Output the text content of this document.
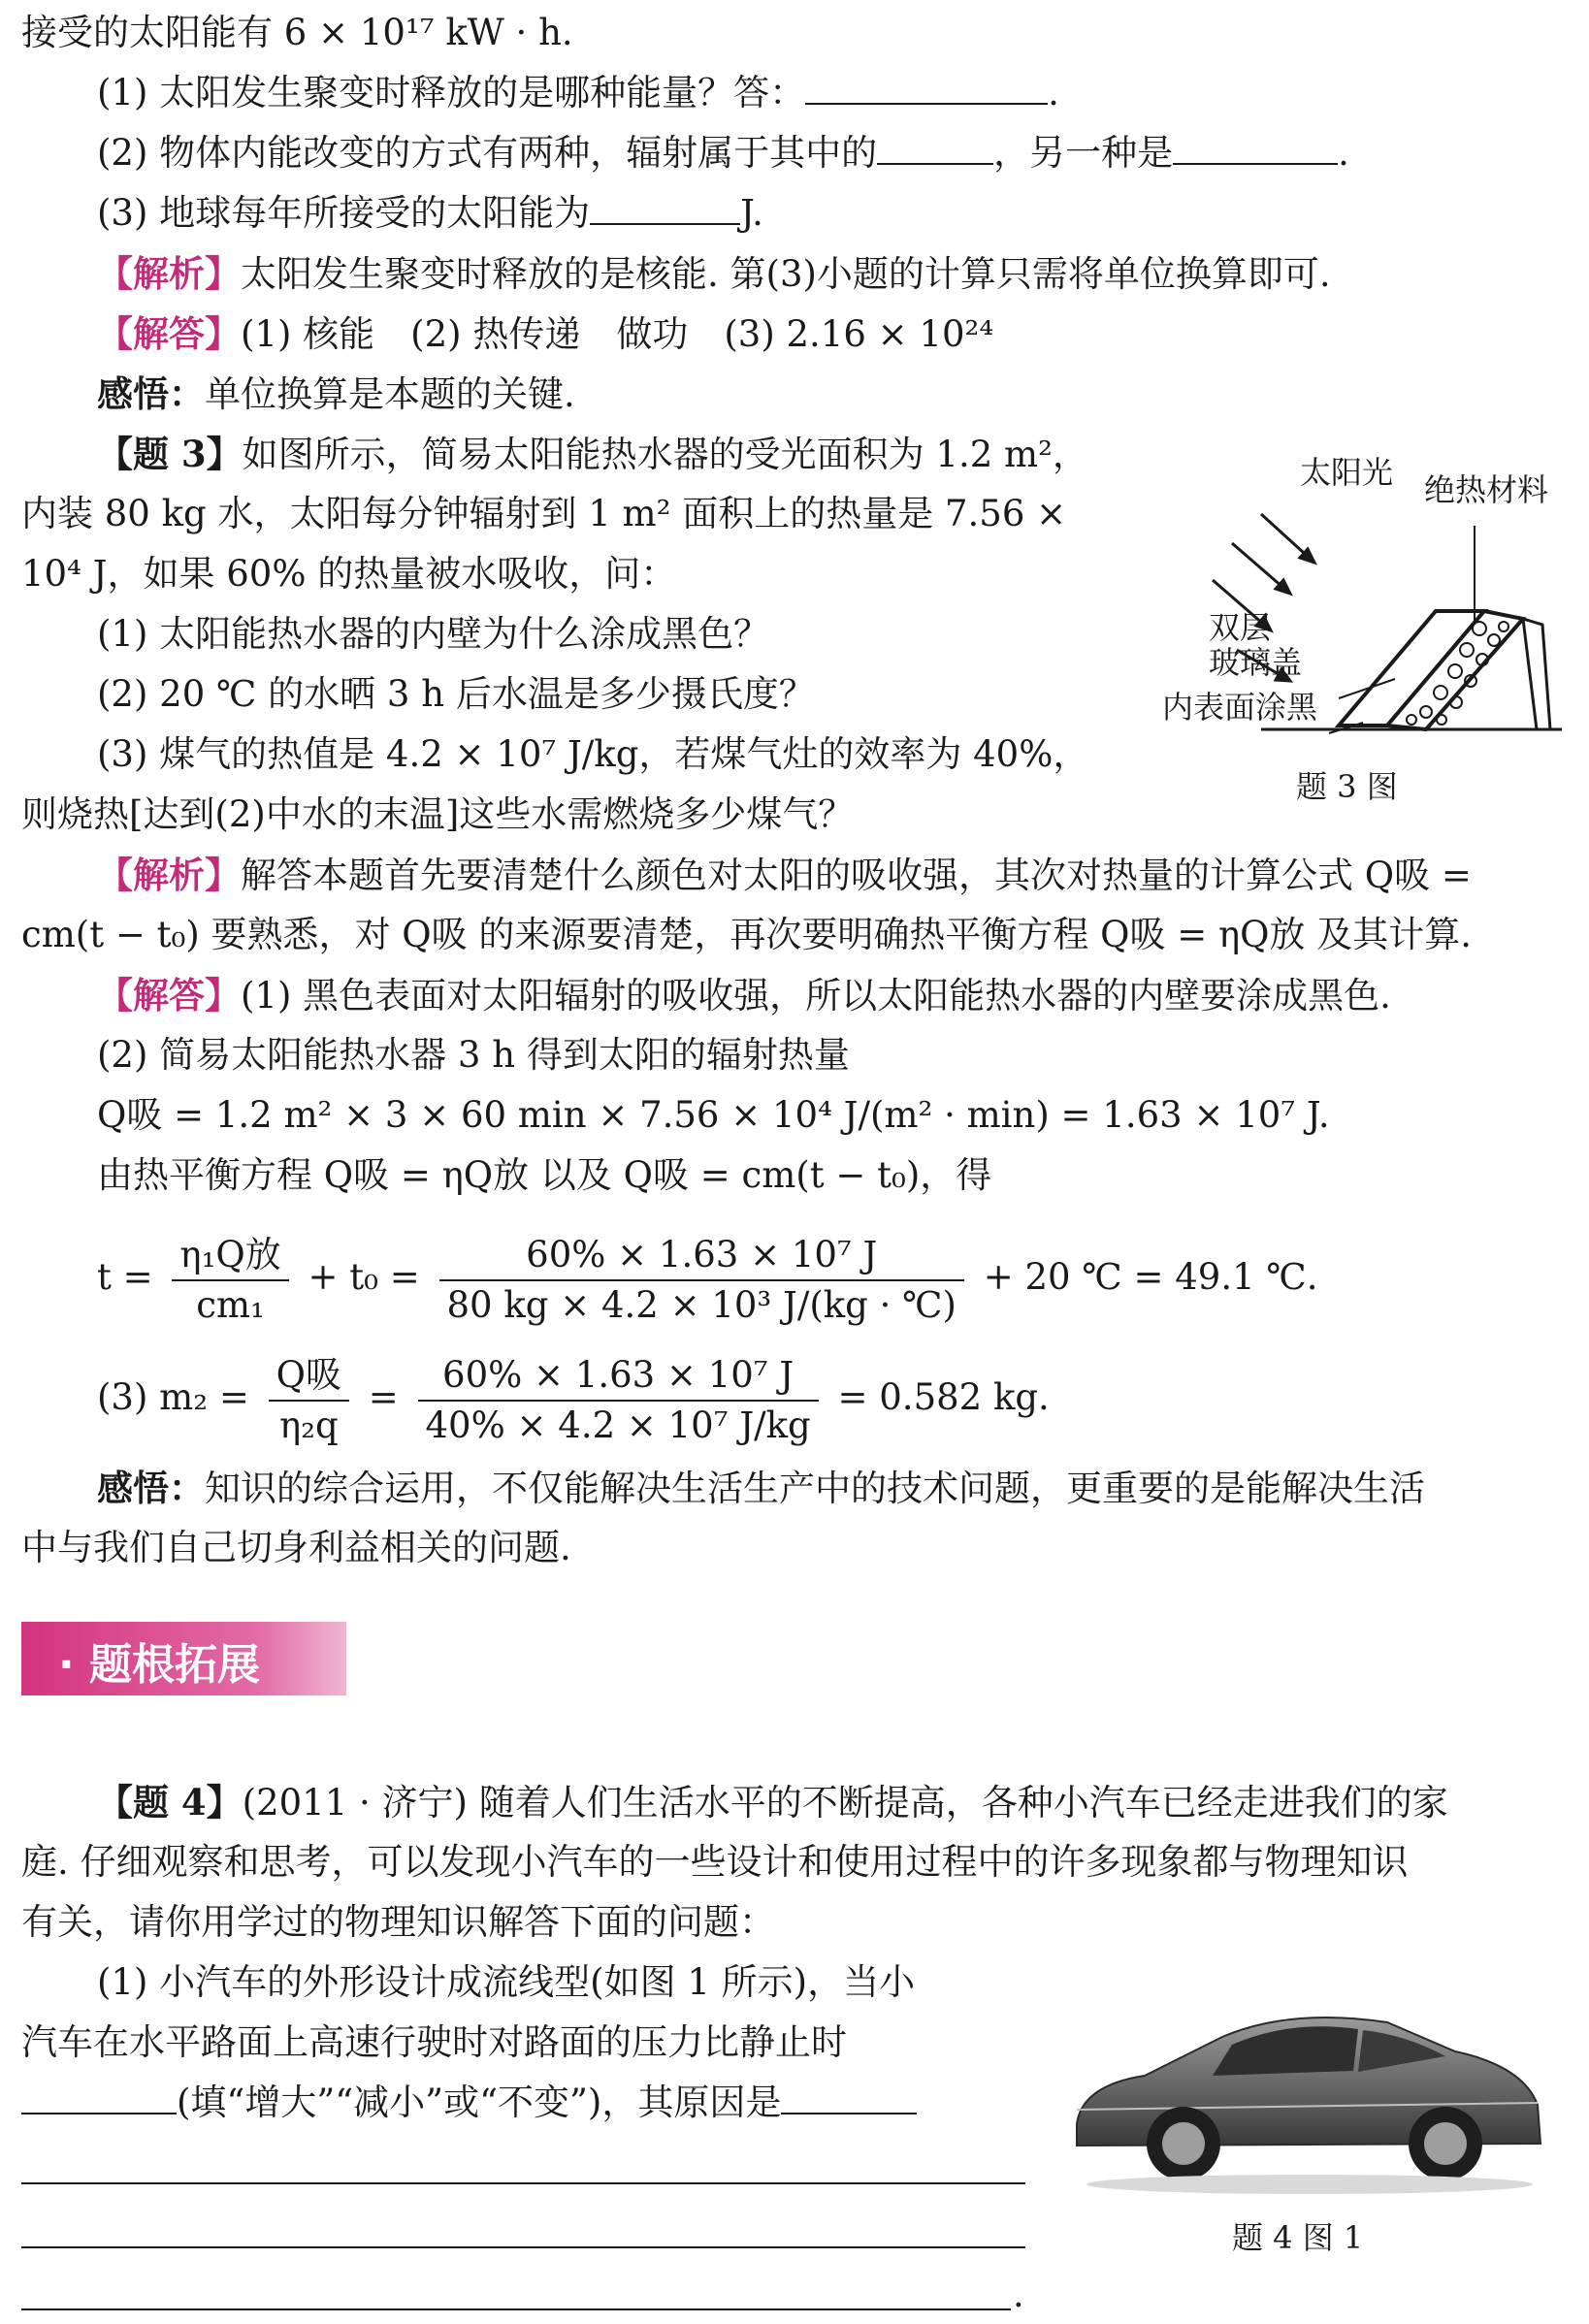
接受的太阳能有 6 × 10¹⁷ kW · h.
(1) 太阳发生聚变时释放的是哪种能量？答：	.
(2) 物体内能改变的方式有两种，辐射属于其中的	，另一种是	.
(3) 地球每年所接受的太阳能为	J.
【解析】太阳发生聚变时释放的是核能. 第(3)小题的计算只需将单位换算即可.
【解答】(1) 核能　(2) 热传递　做功　(3) 2.16 × 10²⁴
感悟：单位换算是本题的关键.
【题 3】如图所示，简易太阳能热水器的受光面积为 1.2 m²，
内装 80 kg 水，太阳每分钟辐射到 1 m² 面积上的热量是 7.56 ×
10⁴ J，如果 60% 的热量被水吸收，问：
(1) 太阳能热水器的内壁为什么涂成黑色？
(2) 20 ℃ 的水晒 3 h 后水温是多少摄氏度？
(3) 煤气的热值是 4.2 × 10⁷ J/kg，若煤气灶的效率为 40%，
则烧热[达到(2)中水的末温]这些水需燃烧多少煤气？
太阳光 绝热材料
双层
玻璃盖
内表面涂黑
题 3 图
【解析】解答本题首先要清楚什么颜色对太阳的吸收强，其次对热量的计算公式 Q吸 =
cm(t − t₀) 要熟悉，对 Q吸 的来源要清楚，再次要明确热平衡方程 Q吸 = ηQ放 及其计算.
【解答】(1) 黑色表面对太阳辐射的吸收强，所以太阳能热水器的内壁要涂成黑色.
(2) 简易太阳能热水器 3 h 得到太阳的辐射热量
Q吸 = 1.2 m² × 3 × 60 min × 7.56 × 10⁴ J/(m² · min) = 1.63 × 10⁷ J.
由热平衡方程 Q吸 = ηQ放 以及 Q吸 = cm(t − t₀)，得
t =
η₁Q放
cm₁
+ $t_0 = \frac{\text{60\% × 1.63 × 10⁷ J}}{\text{80 kg × 4.2 × 10³ J/(kg · ℃)}} + 20$ ℃ = 49.1 ℃.
(3) m₂ =
Q吸
η₂q
= $\frac{\text{60\% × 1.63 × 10⁷ J}}{\text{40\% × 4.2 × 10⁷ J/kg}} = 0.582$ kg.
感悟：知识的综合运用，不仅能解决生活生产中的技术问题，更重要的是能解决生活
中与我们自己切身利益相关的问题.
· 题根拓展
【题 4】(2011 · 济宁) 随着人们生活水平的不断提高，各种小汽车已经走进我们的家
庭. 仔细观察和思考，可以发现小汽车的一些设计和使用过程中的许多现象都与物理知识
有关，请你用学过的物理知识解答下面的问题：
(1) 小汽车的外形设计成流线型(如图 1 所示)，当小
汽车在水平路面上高速行驶时对路面的压力比静止时
(填“增大”“减小”或“不变”)，其原因是
.
题 4 图 1
